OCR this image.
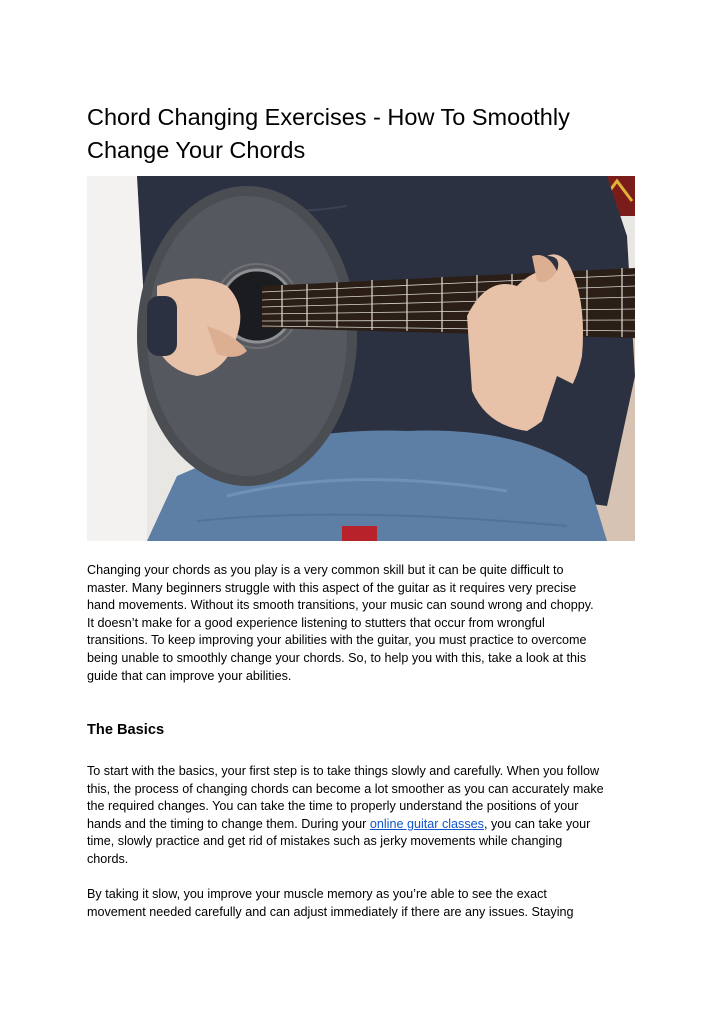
Chord Changing Exercises - How To Smoothly
Change Your Chords

Changing your chords as you play is a very common skill but it can be quite difficult to
master. Many beginners struggle with this aspect of the guitar as it requires very precise
hand movements. Without its smooth transitions, your music can sound wrong and choppy.
It doesn’t make for a good experience listening to stutters that occur from wrongful
transitions. To keep improving your abilities with the guitar, you must practice to overcome
being unable to smoothly change your chords. So, to help you with this, take a look at this
guide that can improve your abilities.

The Basics

To start with the basics, your first step is to take things slowly and carefully. When you follow
this, the process of changing chords can become a lot smoother as you can accurately make
the required changes. You can take the time to properly understand the positions of your
hands and the timing to change them. During your online guitar classes, you can take your
time, slowly practice and get rid of mistakes such as jerky movements while changing
chords.

By taking it slow, you improve your muscle memory as you’re able to see the exact
movement needed carefully and can adjust immediately if there are any issues. Staying
